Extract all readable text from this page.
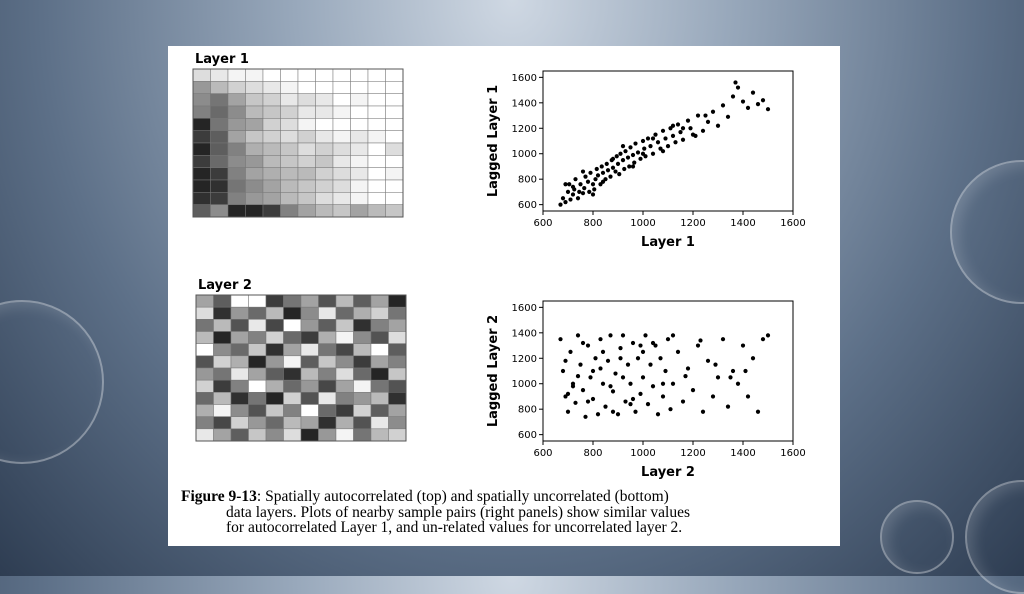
Layer 1
600	800	1000 1200 1400 1600
600
800
1000
1200
1400
1600
Layer 1
Lagged Layer 1
Layer 2
600	800	1000 1200 1400 1600
600
800
1000
1200
1400
1600
Layer 2
Lagged Layer 2
Figure 9-13: Spatially autocorrelated (top) and spatially uncorrelated (bottom)
data layers. Plots of nearby sample pairs (right panels) show similar values
for autocorrelated Layer 1, and un-related values for uncorrelated layer 2.
